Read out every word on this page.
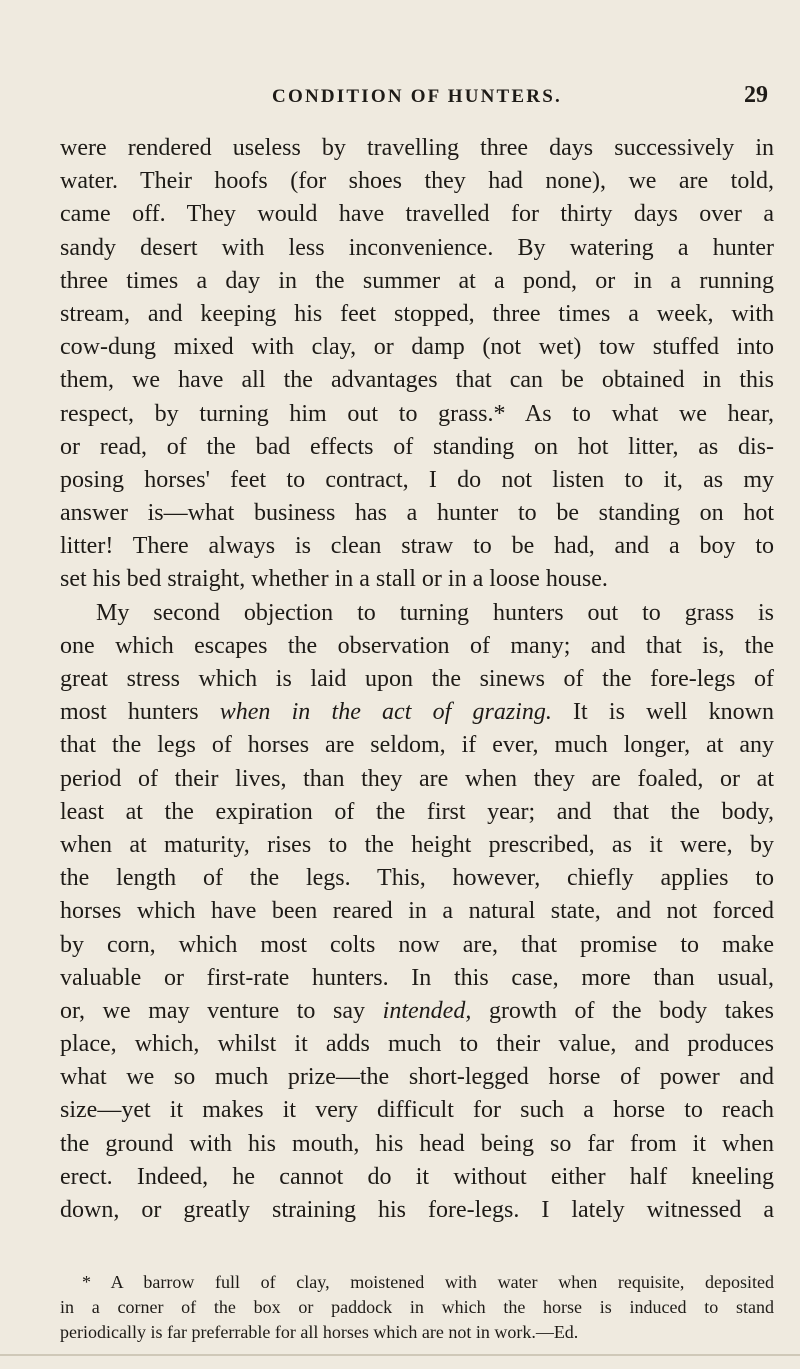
CONDITION OF HUNTERS.	29
were rendered useless by travelling three days successively in
water. Their hoofs (for shoes they had none), we are told,
came off. They would have travelled for thirty days over a
sandy desert with less inconvenience. By watering a hunter
three times a day in the summer at a pond, or in a running
stream, and keeping his feet stopped, three times a week, with
cow-dung mixed with clay, or damp (not wet) tow stuffed into
them, we have all the advantages that can be obtained in this
respect, by turning him out to grass.* As to what we hear,
or read, of the bad effects of standing on hot litter, as dis-
posing horses' feet to contract, I do not listen to it, as my
answer is—what business has a hunter to be standing on hot
litter! There always is clean straw to be had, and a boy to
set his bed straight, whether in a stall or in a loose house.
My second objection to turning hunters out to grass is
one which escapes the observation of many; and that is, the
great stress which is laid upon the sinews of the fore-legs of
most hunters when in the act of grazing. It is well known
that the legs of horses are seldom, if ever, much longer, at any
period of their lives, than they are when they are foaled, or at
least at the expiration of the first year; and that the body,
when at maturity, rises to the height prescribed, as it were, by
the length of the legs. This, however, chiefly applies to
horses which have been reared in a natural state, and not forced
by corn, which most colts now are, that promise to make
valuable or first-rate hunters. In this case, more than usual,
or, we may venture to say intended, growth of the body takes
place, which, whilst it adds much to their value, and produces
what we so much prize—the short-legged horse of power and
size—yet it makes it very difficult for such a horse to reach
the ground with his mouth, his head being so far from it when
erect. Indeed, he cannot do it without either half kneeling
down, or greatly straining his fore-legs. I lately witnessed a
* A barrow full of clay, moistened with water when requisite, deposited
in a corner of the box or paddock in which the horse is induced to stand
periodically is far preferrable for all horses which are not in work.—Ed.
